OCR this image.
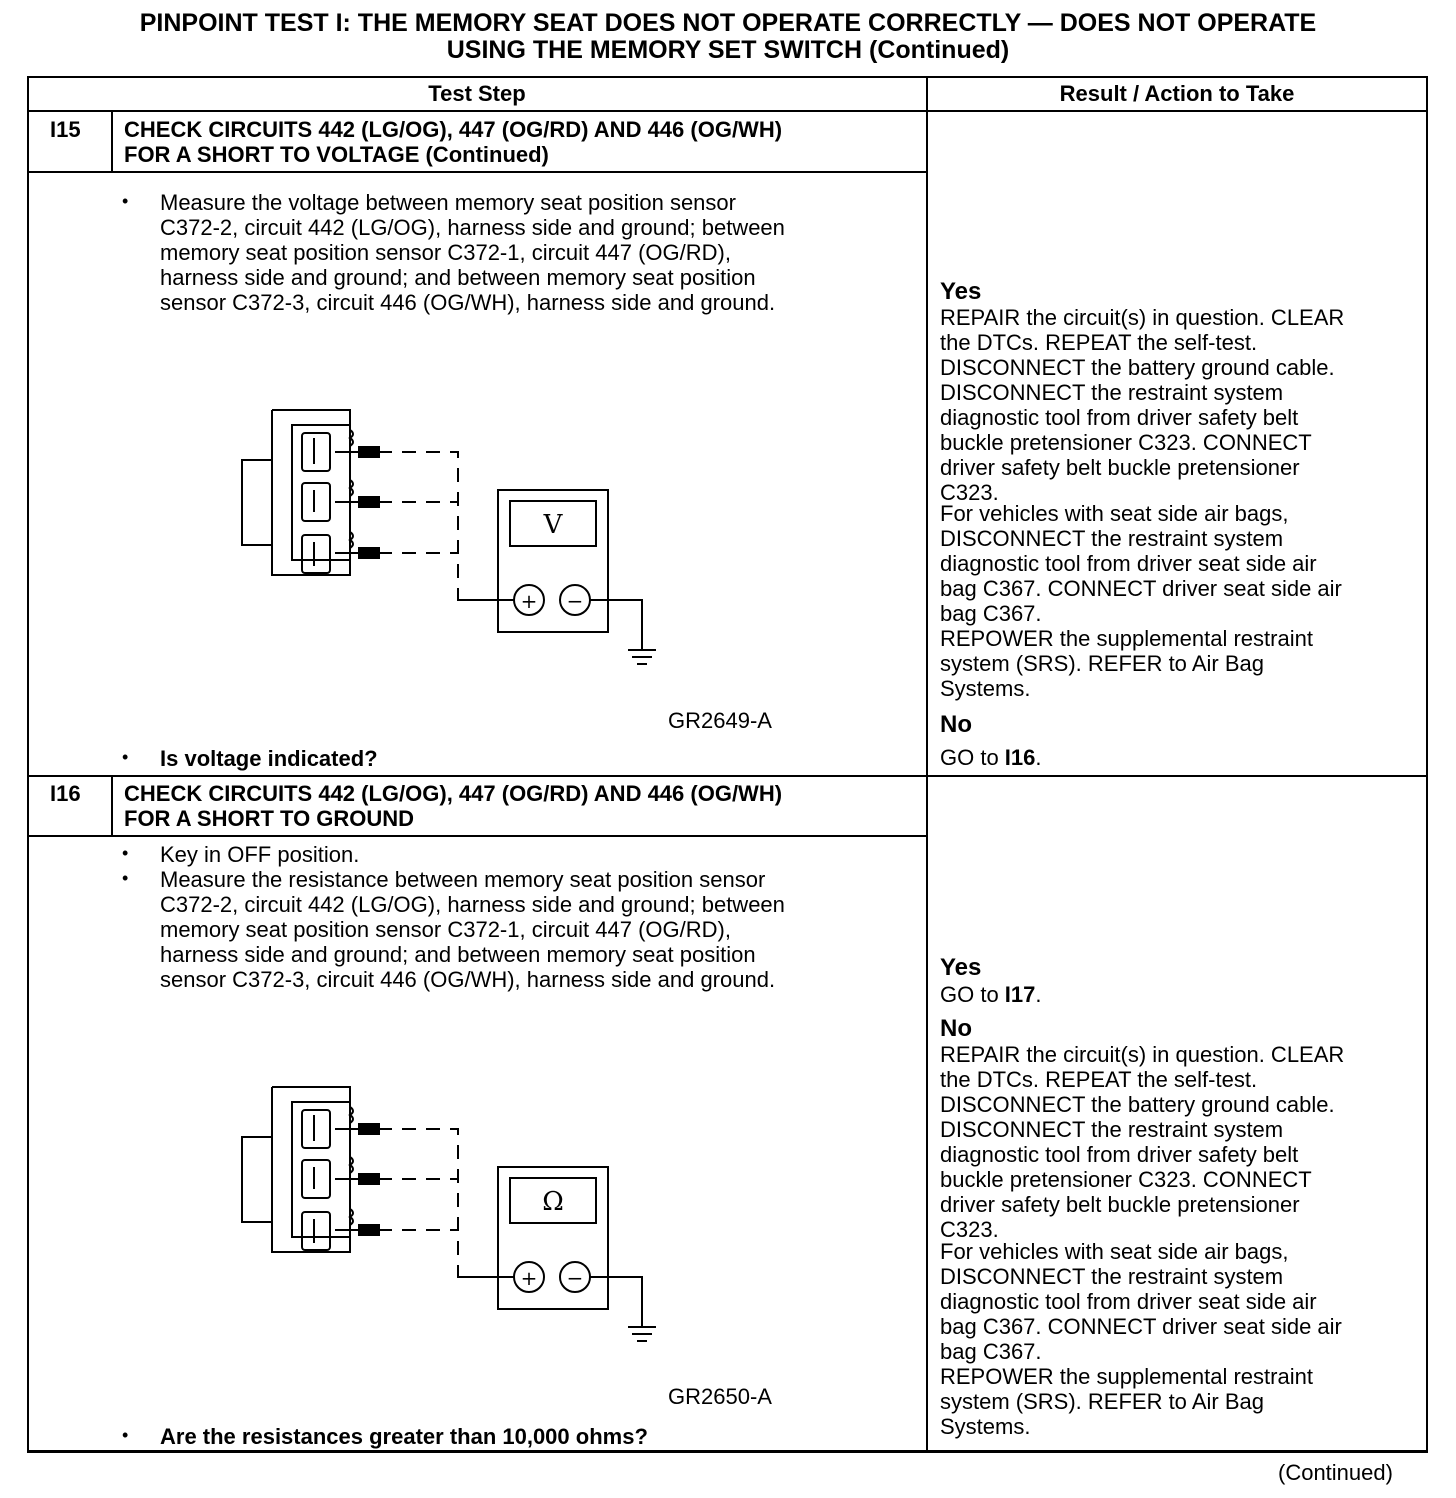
PINPOINT TEST I: THE MEMORY SEAT DOES NOT OPERATE CORRECTLY — DOES NOT OPERATE
USING THE MEMORY SET SWITCH (Continued)
Test Step	Result / Action to Take
I15 CHECK CIRCUITS 442 (LG/OG), 447 (OG/RD) AND 446 (OG/WH)
FOR A SHORT TO VOLTAGE (Continued)
• Measure the voltage between memory seat position sensor
C372-2, circuit 442 (LG/OG), harness side and ground; between
memory seat position sensor C372-1, circuit 447 (OG/RD),
harness side and ground; and between memory seat position
sensor C372-3, circuit 446 (OG/WH), harness side and ground.
V
+ −
GR2649-A
• Is voltage indicated?
Yes
REPAIR the circuit(s) in question. CLEAR
the DTCs. REPEAT the self-test.
DISCONNECT the battery ground cable.
DISCONNECT the restraint system
diagnostic tool from driver safety belt
buckle pretensioner C323. CONNECT
driver safety belt buckle pretensioner
C323.
For vehicles with seat side air bags,
DISCONNECT the restraint system
diagnostic tool from driver seat side air
bag C367. CONNECT driver seat side air
bag C367.
REPOWER the supplemental restraint
system (SRS). REFER to Air Bag
Systems.
No
GO to I16.
I16 CHECK CIRCUITS 442 (LG/OG), 447 (OG/RD) AND 446 (OG/WH)
FOR A SHORT TO GROUND
• Key in OFF position.
• Measure the resistance between memory seat position sensor
C372-2, circuit 442 (LG/OG), harness side and ground; between
memory seat position sensor C372-1, circuit 447 (OG/RD),
harness side and ground; and between memory seat position
sensor C372-3, circuit 446 (OG/WH), harness side and ground.
Ω
+ −
GR2650-A
• Are the resistances greater than 10,000 ohms?
Yes
GO to I17.
No
REPAIR the circuit(s) in question. CLEAR
the DTCs. REPEAT the self-test.
DISCONNECT the battery ground cable.
DISCONNECT the restraint system
diagnostic tool from driver safety belt
buckle pretensioner C323. CONNECT
driver safety belt buckle pretensioner
C323.
For vehicles with seat side air bags,
DISCONNECT the restraint system
diagnostic tool from driver seat side air
bag C367. CONNECT driver seat side air
bag C367.
REPOWER the supplemental restraint
system (SRS). REFER to Air Bag
Systems.
(Continued)
